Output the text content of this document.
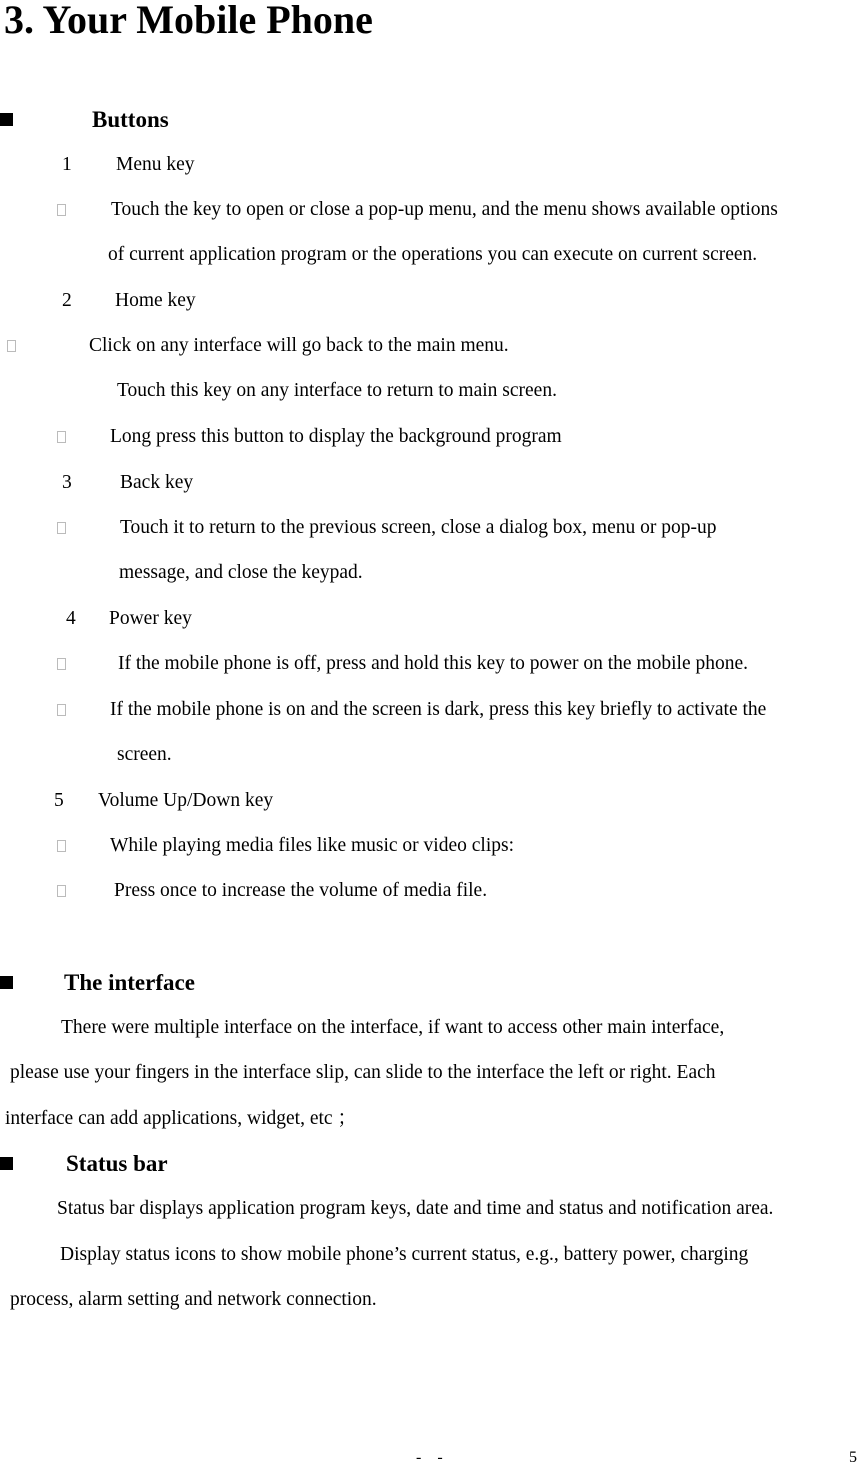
3. Your Mobile Phone
Buttons
1 Menu key
Touch the key to open or close a pop-up menu, and the menu shows available options
of current application program or the operations you can execute on current screen.
2 Home key
Click on any interface will go back to the main menu.
Touch this key on any interface to return to main screen.
Long press this button to display the background program
3 Back key
Touch it to return to the previous screen, close a dialog box, menu or pop-up
message, and close the keypad.
4 Power key
If the mobile phone is off, press and hold this key to power on the mobile phone.
If the mobile phone is on and the screen is dark, press this key briefly to activate the
screen.
5 Volume Up/Down key
While playing media files like music or video clips:
Press once to increase the volume of media file.
The interface
There were multiple interface on the interface, if want to access other main interface,
please use your fingers in the interface slip, can slide to the interface the left or right. Each
interface can add applications, widget, etc ；
Status bar
Status bar displays application program keys, date and time and status and notification area.
Display status icons to show mobile phone’s current status, e.g., battery power, charging
process, alarm setting and network connection.
-    -	5
